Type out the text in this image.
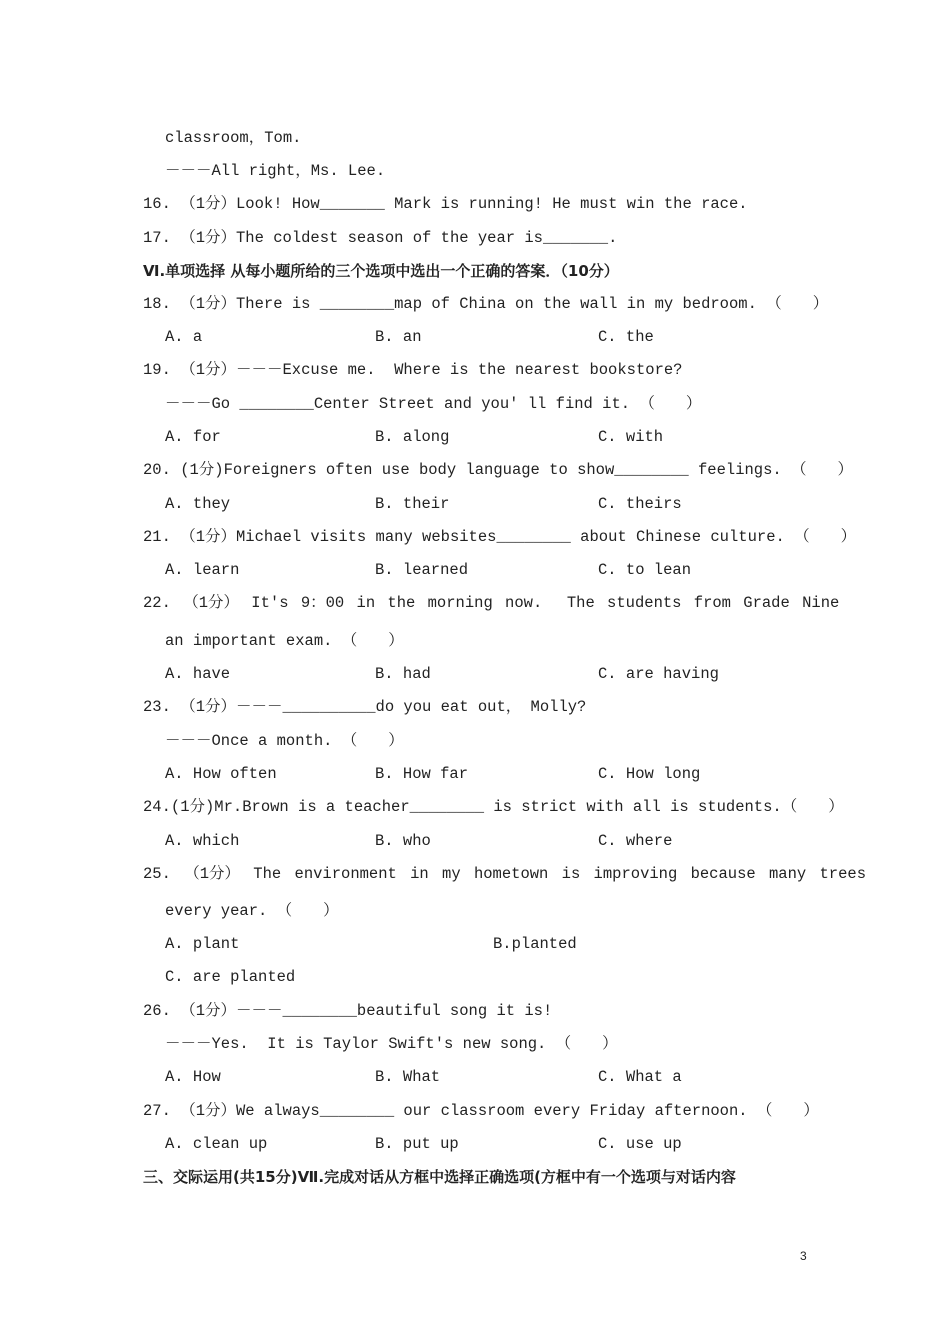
classroom，Tom.
－－－All right，Ms. Lee.
16. （1分）Look! How_______ Mark is running! He must win the race.
17. （1分）The coldest season of the year is_______.
Ⅵ.单项选择 从每小题所给的三个选项中选出一个正确的答案．（10分）
18. （1分）There is ________map of China on the wall in my bedroom. （　　）
A. a	B. an	C. the
19. （1分）－－－Excuse me.  Where is the nearest bookstore?
－－－Go ________Center Street and you' ll find it. （　　）
A. for	B. along	C. with
20. (1分)Foreigners often use body language to show________ feelings. （　　）
A. they	B. their	C. theirs
21. （1分）Michael visits many websites________ about Chinese culture. （　　）
A. learn	B. learned	C. to lean
22. （1分） It's 9：00 in the morning now.  The students from Grade Nine
an important exam. （　　）
A. have	B. had	C. are having
23. （1分）－－－__________do you eat out， Molly?
－－－Once a month. （　　）
A. How often	B. How far	C. How long
24.(1分)Mr.Brown is a teacher________ is strict with all is students.（　　）
A. which	B. who	C. where
25. （1分） The environment in my hometown is improving because many trees
every year. （　　）
A. plant	B.planted
C. are planted
26. （1分）－－－________beautiful song it is!
－－－Yes.  It is Taylor Swift's new song. （　　）
A. How	B. What	C. What a
27. （1分）We always________ our classroom every Friday afternoon. （　　）
A. clean up	B. put up	C. use up
三、交际运用(共15分)Ⅶ.完成对话从方框中选择正确选项(方框中有一个选项与对话内容
3
